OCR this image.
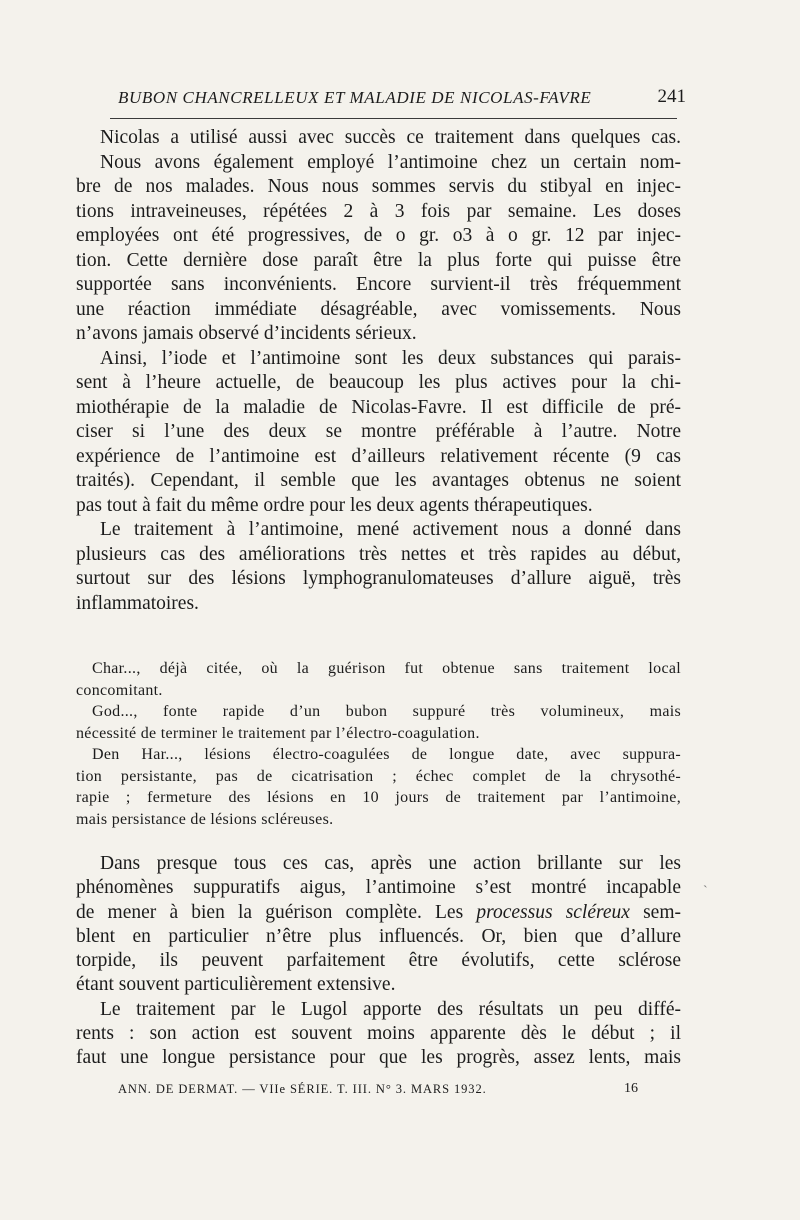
BUBON CHANCRELLEUX ET MALADIE DE NICOLAS-FAVRE	241
Nicolas a utilisé aussi avec succès ce traitement dans quelques cas.
Nous avons également employé l’antimoine chez un certain nom-
bre de nos malades. Nous nous sommes servis du stibyal en injec-
tions intraveineuses, répétées 2 à 3 fois par semaine. Les doses
employées ont été progressives, de o gr. o3 à o gr. 12 par injec-
tion. Cette dernière dose paraît être la plus forte qui puisse être
supportée sans inconvénients. Encore survient-il très fréquemment
une réaction immédiate désagréable, avec vomissements. Nous
n’avons jamais observé d’incidents sérieux.
Ainsi, l’iode et l’antimoine sont les deux substances qui parais-
sent à l’heure actuelle, de beaucoup les plus actives pour la chi-
miothérapie de la maladie de Nicolas-Favre. Il est difficile de pré-
ciser si l’une des deux se montre préférable à l’autre. Notre
expérience de l’antimoine est d’ailleurs relativement récente (9 cas
traités). Cependant, il semble que les avantages obtenus ne soient
pas tout à fait du même ordre pour les deux agents thérapeutiques.
Le traitement à l’antimoine, mené activement nous a donné dans
plusieurs cas des améliorations très nettes et très rapides au début,
surtout sur des lésions lymphogranulomateuses d’allure aiguë, très
inflammatoires.
Char..., déjà citée, où la guérison fut obtenue sans traitement local
concomitant.
God..., fonte rapide d’un bubon suppuré très volumineux, mais
nécessité de terminer le traitement par l’électro-coagulation.
Den Har..., lésions électro-coagulées de longue date, avec suppura-
tion persistante, pas de cicatrisation ; échec complet de la chrysothé-
rapie ; fermeture des lésions en 10 jours de traitement par l’antimoine,
mais persistance de lésions scléreuses.
Dans presque tous ces cas, après une action brillante sur les
phénomènes suppuratifs aigus, l’antimoine s’est montré incapable
de mener à bien la guérison complète. Les processus scléreux sem-
blent en particulier n’être plus influencés. Or, bien que d’allure
torpide, ils peuvent parfaitement être évolutifs, cette sclérose
étant souvent particulièrement extensive.
Le traitement par le Lugol apporte des résultats un peu diffé-
rents : son action est souvent moins apparente dès le début ; il
faut une longue persistance pour que les progrès, assez lents, mais
ˋ
ANN. DE DERMAT. — VIIe SÉRIE. T. III. N° 3. MARS 1932.	16
